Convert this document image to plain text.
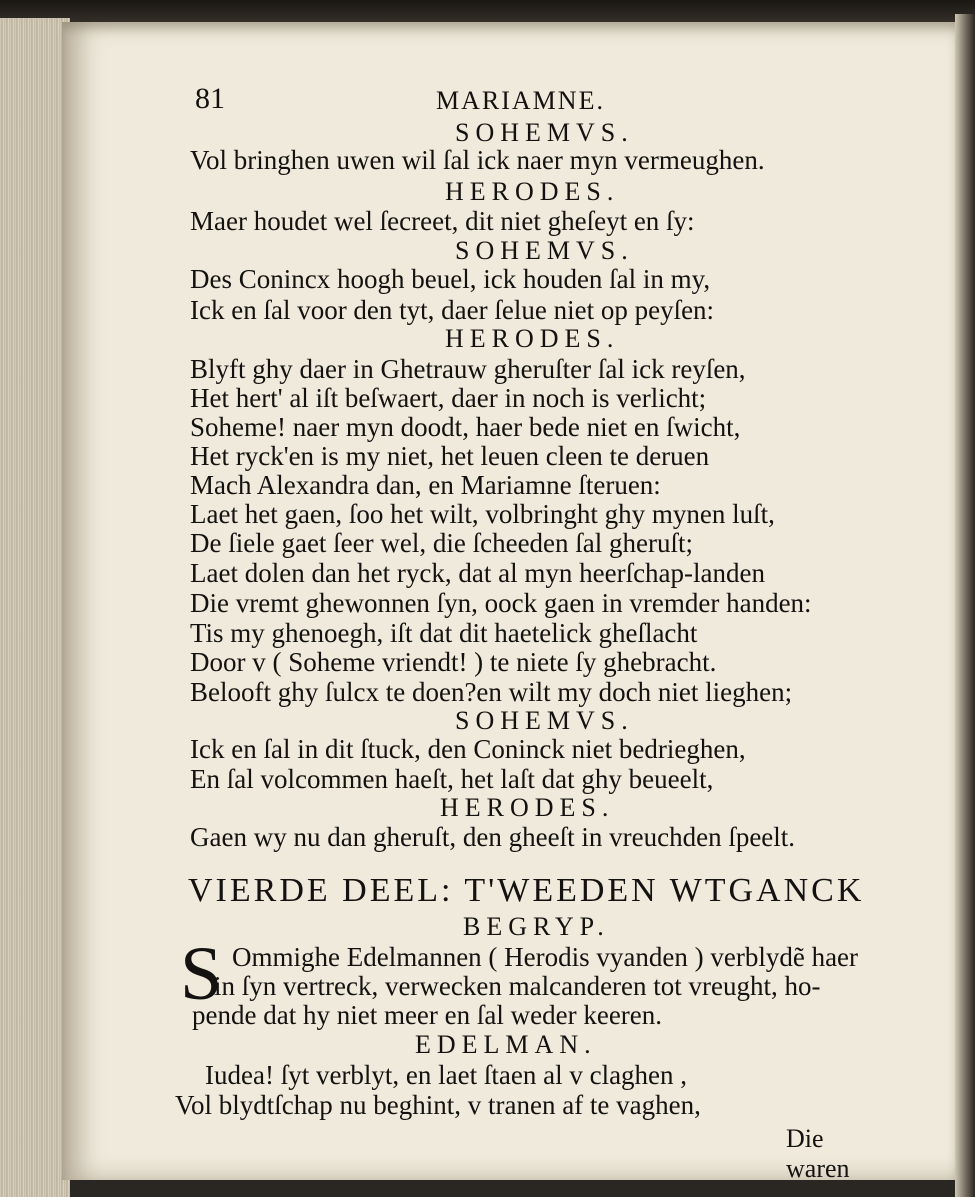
81	MARIAMNE.
SOHEMVS.
Vol bringhen uwen wil ſal ick naer myn vermeughen.
HERODES.
Maer houdet wel ſecreet, dit niet gheſeyt en ſy:
SOHEMVS.
Des Conincx hoogh beuel, ick houden ſal in my,
Ick en ſal voor den tyt, daer ſelue niet op peyſen:
HERODES.
Blyft ghy daer in Ghetrauw gheruſter ſal ick reyſen,
Het hert' al iſt beſwaert, daer in noch is verlicht;
Soheme! naer myn doodt, haer bede niet en ſwicht,
Het ryck'en is my niet, het leuen cleen te deruen
Mach Alexandra dan, en Mariamne ſteruen:
Laet het gaen, ſoo het wilt, volbringht ghy mynen luſt,
De ſiele gaet ſeer wel, die ſcheeden ſal gheruſt;
Laet dolen dan het ryck, dat al myn heerſchap-landen
Die vremt ghewonnen ſyn, oock gaen in vremder handen:
Tis my ghenoegh, iſt dat dit haetelick gheſlacht
Door v ( Soheme vriendt! ) te niete ſy ghebracht.
Belooft ghy ſulcx te doen?en wilt my doch niet lieghen;
SOHEMVS.
Ick en ſal in dit ſtuck, den Coninck niet bedrieghen,
En ſal volcommen haeſt, het laſt dat ghy beueelt,
HERODES.
Gaen wy nu dan gheruſt, den gheeſt in vreuchden ſpeelt.
VIERDE DEEL: T'WEEDEN WTGANCK
BEGRYP.
S Ommighe Edelmannen ( Herodis vyanden ) verblydẽ haer
in ſyn vertreck, verwecken malcanderen tot vreught, ho-
pende dat hy niet meer en ſal weder keeren.
EDELMAN.
Iudea! ſyt verblyt, en laet ſtaen al v claghen ,
Vol blydtſchap nu beghint, v tranen af te vaghen,
Die waren
